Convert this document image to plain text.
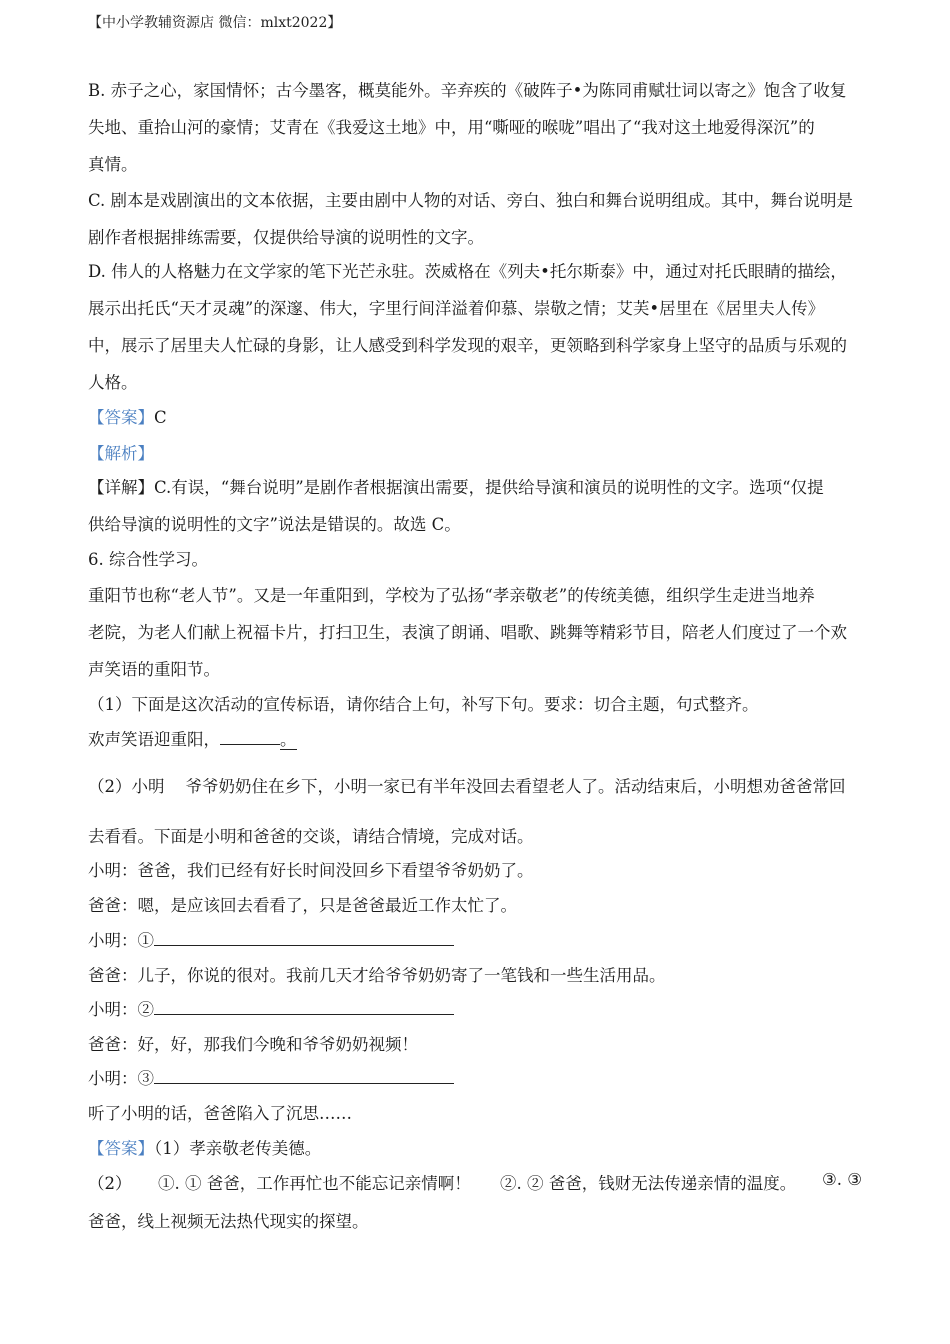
【中小学教辅资源店 微信：mlxt2022】
B. 赤子之心，家国情怀；古今墨客，概莫能外。辛弃疾的《破阵子•为陈同甫赋壮词以寄之》饱含了收复
失地、重拾山河的豪情；艾青在《我爱这土地》中，用“嘶哑的喉咙”唱出了“我对这土地爱得深沉”的
真情。
C. 剧本是戏剧演出的文本依据，主要由剧中人物的对话、旁白、独白和舞台说明组成。其中，舞台说明是
剧作者根据排练需要，仅提供给导演的说明性的文字。
D. 伟人的人格魅力在文学家的笔下光芒永驻。茨威格在《列夫•托尔斯泰》中，通过对托氏眼睛的描绘，
展示出托氏“天才灵魂”的深邃、伟大，字里行间洋溢着仰慕、崇敬之情；艾芙•居里在《居里夫人传》
中，展示了居里夫人忙碌的身影，让人感受到科学发现的艰辛，更领略到科学家身上坚守的品质与乐观的
人格。
【答案】C
【解析】
【详解】C.有误，“舞台说明”是剧作者根据演出需要，提供给导演和演员的说明性的文字。选项“仅提
供给导演的说明性的文字”说法是错误的。故选 C。
6. 综合性学习。
重阳节也称“老人节”。又是一年重阳到，学校为了弘扬“孝亲敬老”的传统美德，组织学生走进当地养
老院，为老人们献上祝福卡片，打扫卫生，表演了朗诵、唱歌、跳舞等精彩节目，陪老人们度过了一个欢
声笑语的重阳节。
（1）下面是这次活动的宣传标语，请你结合上句，补写下句。要求：切合主题，句式整齐。
欢声笑语迎重阳，	。
（2）小明    爷爷奶奶住在乡下，小明一家已有半年没回去看望老人了。活动结束后，小明想劝爸爸常回
去看看。下面是小明和爸爸的交谈，请结合情境，完成对话。
小明：爸爸，我们已经有好长时间没回乡下看望爷爷奶奶了。
爸爸：嗯，是应该回去看看了，只是爸爸最近工作太忙了。
小明：①
爸爸：儿子，你说的很对。我前几天才给爷爷奶奶寄了一笔钱和一些生活用品。
小明：②
爸爸：好，好，那我们今晚和爷爷奶奶视频！
小明：③
听了小明的话，爸爸陷入了沉思……
【答案】（1）孝亲敬老传美德。
（2） ①. ① 爸爸，工作再忙也不能忘记亲情啊！ ②. ② 爸爸，钱财无法传递亲情的温度。 ③. ③
爸爸，线上视频无法热代现实的探望。
